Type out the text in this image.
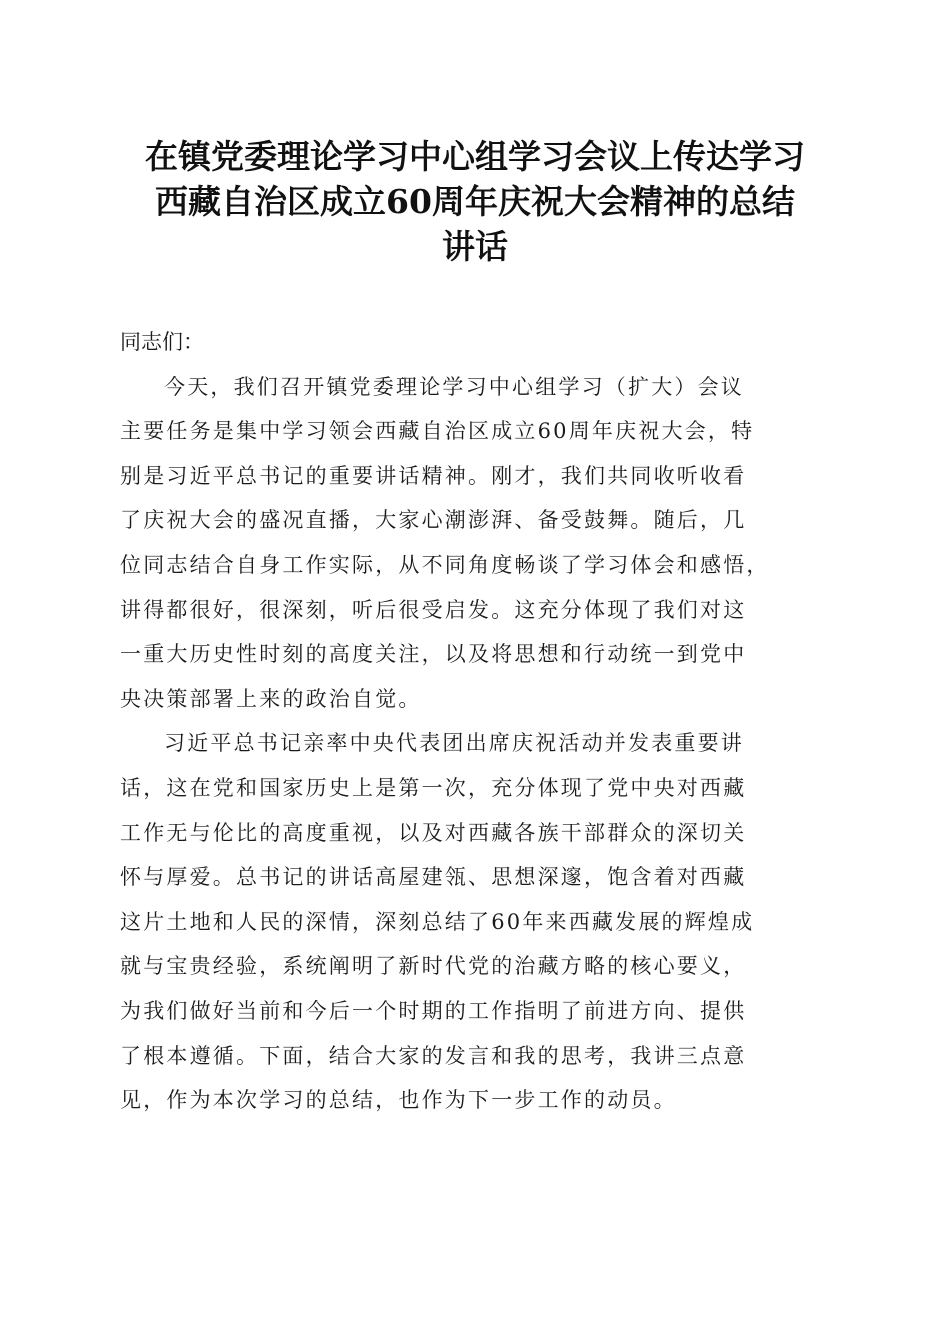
在镇党委理论学习中心组学习会议上传达学习
西藏自治区成立60周年庆祝大会精神的总结
讲话

同志们：

今天，我们召开镇党委理论学习中心组学习（扩大）会议
主要任务是集中学习领会西藏自治区成立60周年庆祝大会，特
别是习近平总书记的重要讲话精神。刚才，我们共同收听收看
了庆祝大会的盛况直播，大家心潮澎湃、备受鼓舞。随后，几
位同志结合自身工作实际，从不同角度畅谈了学习体会和感悟，
讲得都很好，很深刻，听后很受启发。这充分体现了我们对这
一重大历史性时刻的高度关注，以及将思想和行动统一到党中
央决策部署上来的政治自觉。

习近平总书记亲率中央代表团出席庆祝活动并发表重要讲
话，这在党和国家历史上是第一次，充分体现了党中央对西藏
工作无与伦比的高度重视，以及对西藏各族干部群众的深切关
怀与厚爱。总书记的讲话高屋建瓴、思想深邃，饱含着对西藏
这片土地和人民的深情，深刻总结了60年来西藏发展的辉煌成
就与宝贵经验，系统阐明了新时代党的治藏方略的核心要义，
为我们做好当前和今后一个时期的工作指明了前进方向、提供
了根本遵循。下面，结合大家的发言和我的思考，我讲三点意
见，作为本次学习的总结，也作为下一步工作的动员。
